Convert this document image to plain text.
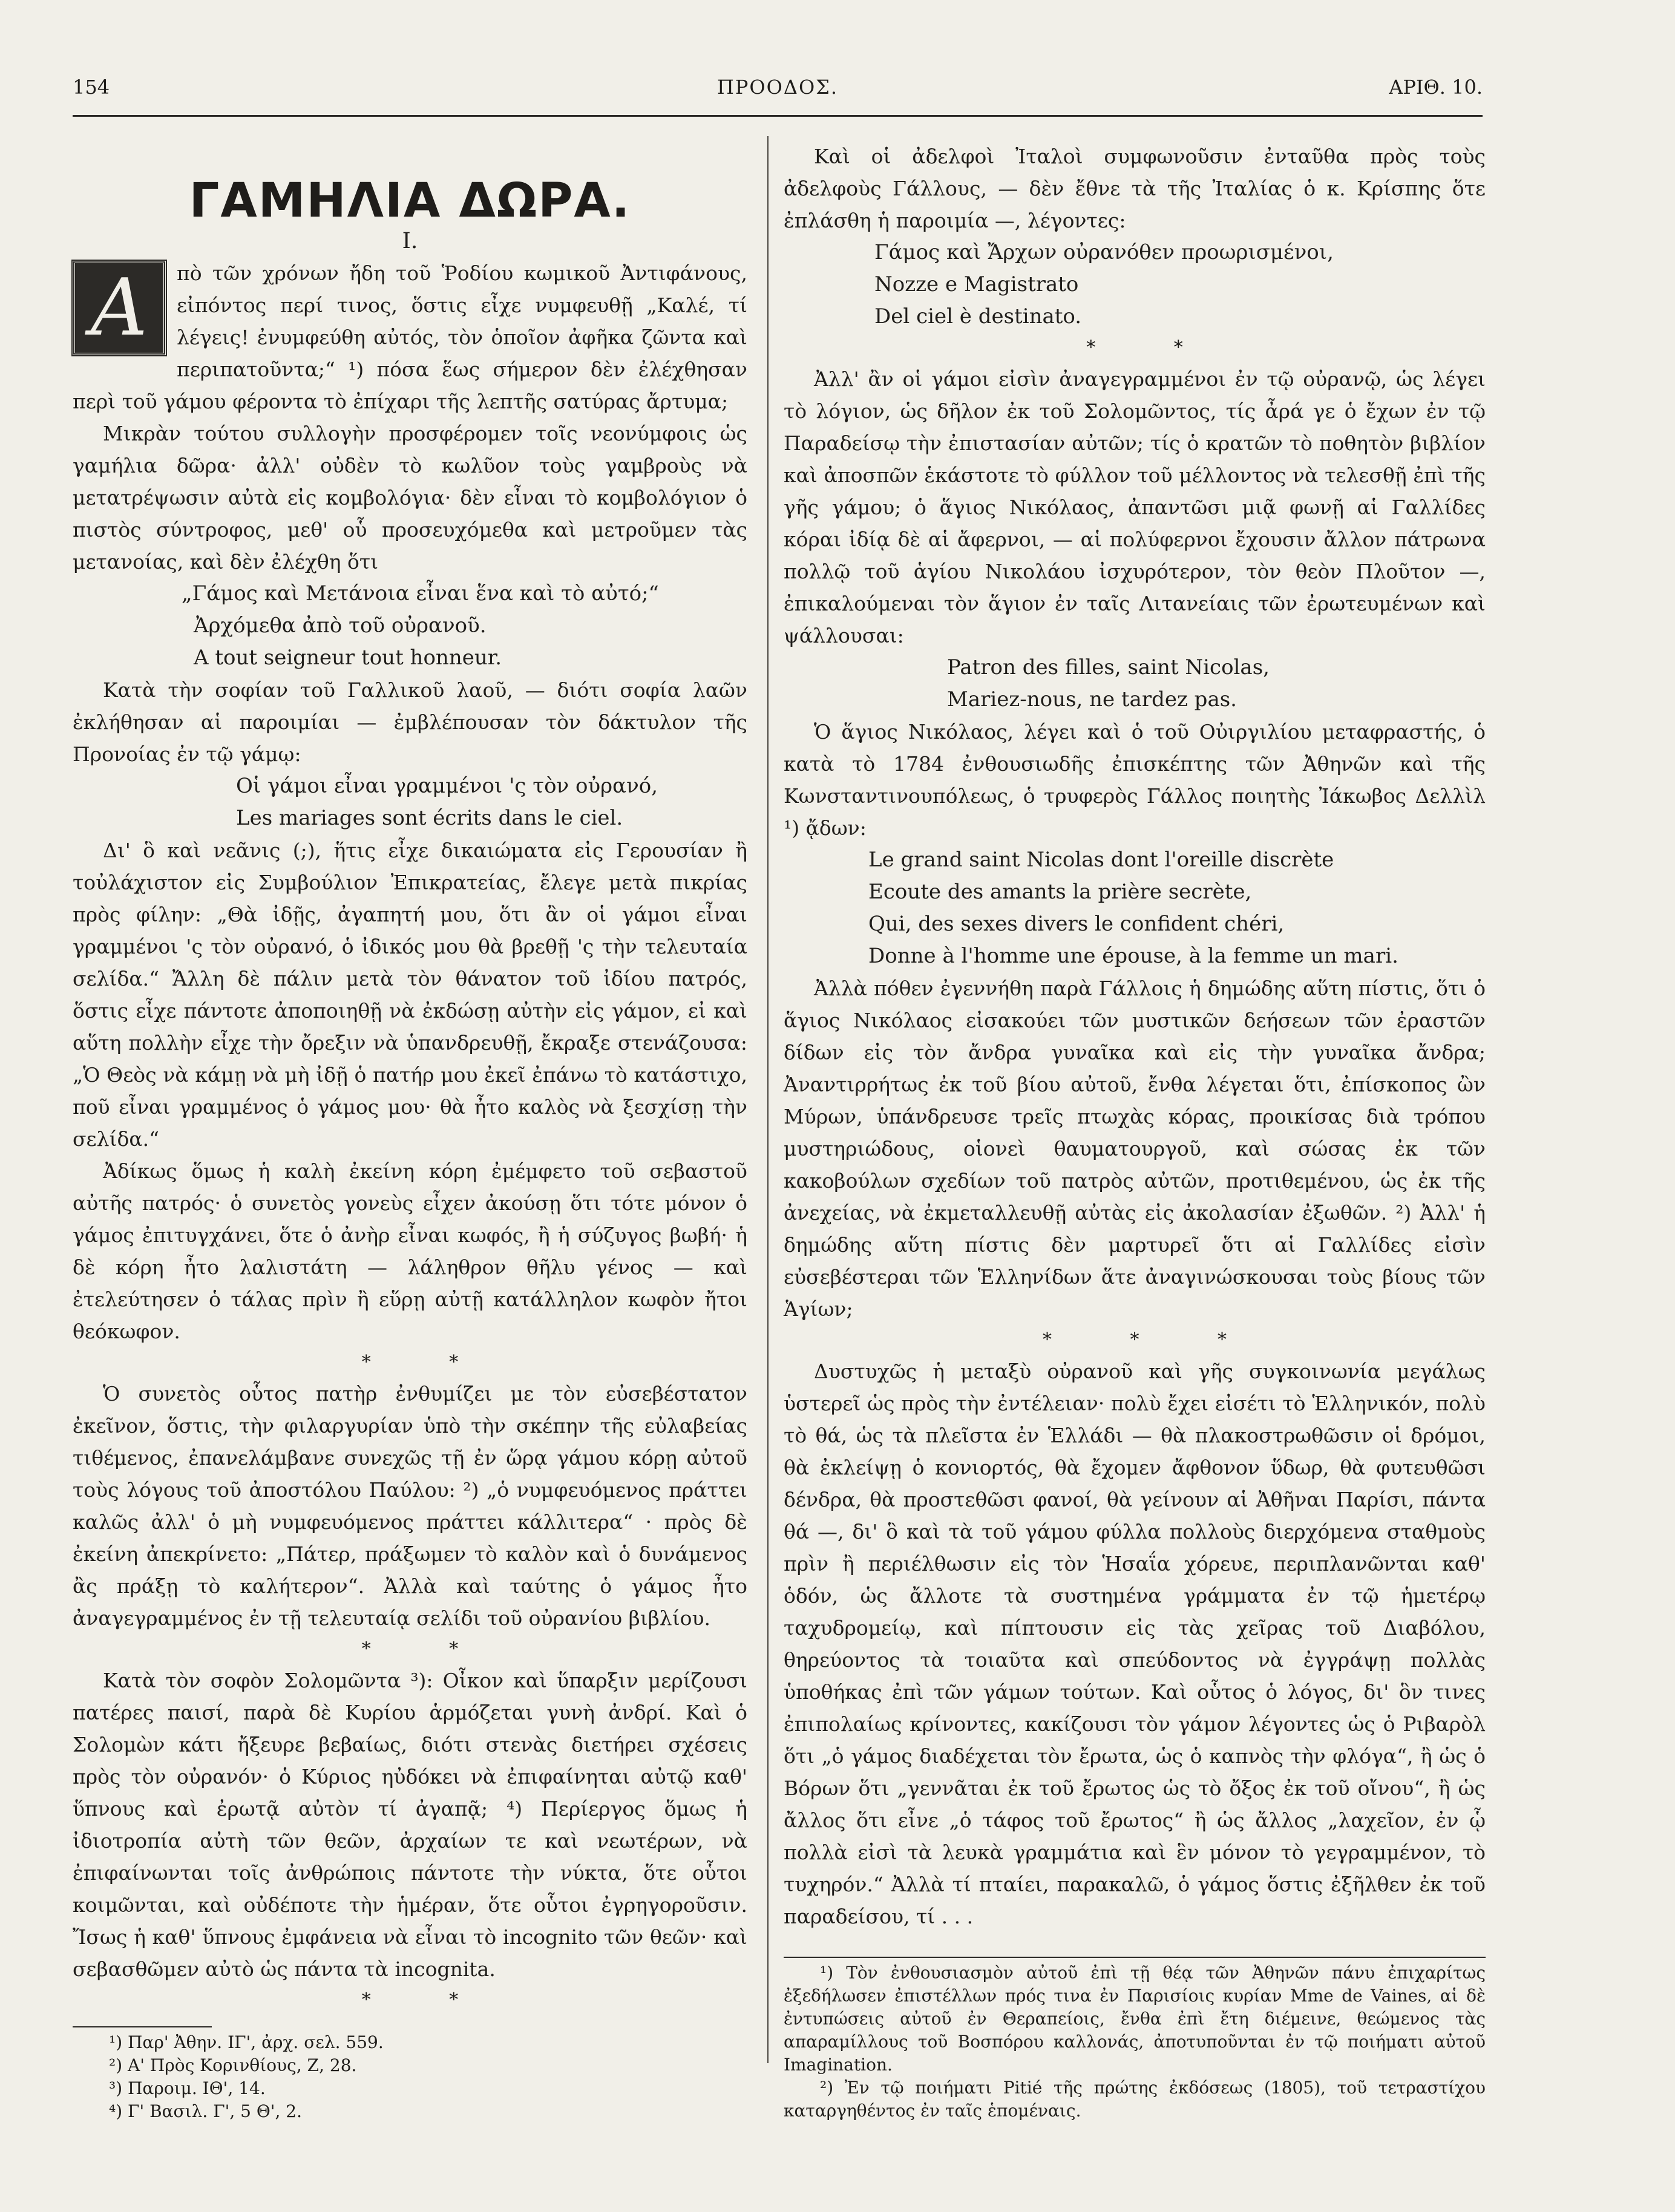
154	ΠΡΟΟΔΟΣ.	ΑΡΙΘ. 10.
ΓΑΜΗΛΙΑ ΔΩΡΑ.
I.

A	πὸ τῶν χρόνων ἤδη τοῦ Ῥοδίου κωμικοῦ Ἀντιφάνους, εἰπόντος περί τινος, ὅστις εἶχε νυμφευθῇ „Καλέ, τί λέγεις! ἐνυμφεύθη αὐτός, τὸν ὁποῖον ἀφῆκα ζῶντα καὶ περιπατοῦντα;“ ¹) πόσα ἕως σήμερον δὲν ἐλέχθησαν περὶ τοῦ γάμου φέροντα τὸ ἐπίχαρι τῆς λεπτῆς σατύρας ἄρτυμα;

Μικρὰν τούτου συλλογὴν προσφέρομεν τοῖς νεονύμφοις ὡς γαμήλια δῶρα· ἀλλ' οὐδὲν τὸ κωλῦον τοὺς γαμβροὺς νὰ μετατρέψωσιν αὐτὰ εἰς κομβολόγια· δὲν εἶναι τὸ κομβολόγιον ὁ πιστὸς σύντροφος, μεθ' οὗ προσευχόμεθα καὶ μετροῦμεν τὰς μετανοίας, καὶ δὲν ἐλέχθη ὅτι

„Γάμος καὶ Μετάνοια εἶναι ἕνα καὶ τὸ αὐτό;“

Ἀρχόμεθα ἀπὸ τοῦ οὐρανοῦ.

A tout seigneur tout honneur.

Κατὰ τὴν σοφίαν τοῦ Γαλλικοῦ λαοῦ, — διότι σοφία λαῶν ἐκλήθησαν αἱ παροιμίαι — ἐμβλέπουσαν τὸν δάκτυλον τῆς Προνοίας ἐν τῷ γάμῳ:

Οἱ γάμοι εἶναι γραμμένοι 'ς τὸν οὐρανό,

Les mariages sont écrits dans le ciel.

Δι' ὃ καὶ νεᾶνις (;), ἥτις εἶχε δικαιώματα εἰς Γερουσίαν ἢ τοὐλάχιστον εἰς Συμβούλιον Ἐπικρατείας, ἔλεγε μετὰ πικρίας πρὸς φίλην: „Θὰ ἰδῇς, ἀγαπητή μου, ὅτι ἂν οἱ γάμοι εἶναι γραμμένοι 'ς τὸν οὐρανό, ὁ ἰδικός μου θὰ βρεθῇ 'ς τὴν τελευταία σελίδα.“ Ἄλλη δὲ πάλιν μετὰ τὸν θάνατον τοῦ ἰδίου πατρός, ὅστις εἶχε πάντοτε ἀποποιηθῇ νὰ ἐκδώσῃ αὐτὴν εἰς γάμον, εἰ καὶ αὕτη πολλὴν εἶχε τὴν ὄρεξιν νὰ ὑπανδρευθῇ, ἔκραξε στενάζουσα: „Ὁ Θεὸς νὰ κάμῃ νὰ μὴ ἰδῇ ὁ πατήρ μου ἐκεῖ ἐπάνω τὸ κατάστιχο, ποῦ εἶναι γραμμένος ὁ γάμος μου· θὰ ἦτο καλὸς νὰ ξεσχίσῃ τὴν σελίδα.“

Ἀδίκως ὅμως ἡ καλὴ ἐκείνη κόρη ἐμέμφετο τοῦ σεβαστοῦ αὐτῆς πατρός· ὁ συνετὸς γονεὺς εἶχεν ἀκούσῃ ὅτι τότε μόνον ὁ γάμος ἐπιτυγχάνει, ὅτε ὁ ἀνὴρ εἶναι κωφός, ἢ ἡ σύζυγος βωβή· ἡ δὲ κόρη ἦτο λαλιστάτη — λάληθρον θῆλυ γένος — καὶ ἐτελεύτησεν ὁ τάλας πρὶν ἢ εὕρῃ αὐτῇ κατάλληλον κωφὸν ἤτοι θεόκωφον.

* *

Ὁ συνετὸς οὗτος πατὴρ ἐνθυμίζει με τὸν εὐσεβέστατον ἐκεῖνον, ὅστις, τὴν φιλαργυρίαν ὑπὸ τὴν σκέπην τῆς εὐλαβείας τιθέμενος, ἐπανελάμβανε συνεχῶς τῇ ἐν ὥρᾳ γάμου κόρῃ αὐτοῦ τοὺς λόγους τοῦ ἀποστόλου Παύλου: ²) „ὁ νυμφευόμενος πράττει καλῶς ἀλλ' ὁ μὴ νυμφευόμενος πράττει κάλλιτερα“ · πρὸς δὲ ἐκείνη ἀπεκρίνετο: „Πάτερ, πράξωμεν τὸ καλὸν καὶ ὁ δυνάμενος ἂς πράξῃ τὸ καλήτερον“. Ἀλλὰ καὶ ταύτης ὁ γάμος ἦτο ἀναγεγραμμένος ἐν τῇ τελευταίᾳ σελίδι τοῦ οὐρανίου βιβλίου.

* *

Κατὰ τὸν σοφὸν Σολομῶντα ³): Οἶκον καὶ ὕπαρξιν μερίζουσι πατέρες παισί, παρὰ δὲ Κυρίου ἁρμόζεται γυνὴ ἀνδρί. Καὶ ὁ Σολομὼν κάτι ἤξευρε βεβαίως, διότι στενὰς διετήρει σχέσεις πρὸς τὸν οὐρανόν· ὁ Κύριος ηὐδόκει νὰ ἐπιφαίνηται αὐτῷ καθ' ὕπνους καὶ ἐρωτᾷ αὐτὸν τί ἀγαπᾷ; ⁴) Περίεργος ὅμως ἡ ἰδιοτροπία αὐτὴ τῶν θεῶν, ἀρχαίων τε καὶ νεωτέρων, νὰ ἐπιφαίνωνται τοῖς ἀνθρώποις πάντοτε τὴν νύκτα, ὅτε οὗτοι κοιμῶνται, καὶ οὐδέποτε τὴν ἡμέραν, ὅτε οὗτοι ἐγρηγοροῦσιν. Ἴσως ἡ καθ' ὕπνους ἐμφάνεια νὰ εἶναι τὸ incognito τῶν θεῶν· καὶ σεβασθῶμεν αὐτὸ ὡς πάντα τὰ incognita.

* *

¹) Παρ' Ἀθην. ΙΓ', ἀρχ. σελ. 559.

²) Α' Πρὸς Κορινθίους, Ζ, 28.

³) Παροιμ. ΙΘ', 14.

⁴) Γ' Βασιλ. Γ', 5 Θ', 2.

Καὶ οἱ ἀδελφοὶ Ἰταλοὶ συμφωνοῦσιν ἐνταῦθα πρὸς τοὺς ἀδελφοὺς Γάλλους, — δὲν ἔθνε τὰ τῆς Ἰταλίας ὁ κ. Κρίσπης ὅτε ἐπλάσθη ἡ παροιμία —, λέγοντες:

Γάμος καὶ Ἄρχων οὐρανόθεν προωρισμένοι,

Nozze e Magistrato

Del ciel è destinato.

* *

Ἀλλ' ἂν οἱ γάμοι εἰσὶν ἀναγεγραμμένοι ἐν τῷ οὐρανῷ, ὡς λέγει τὸ λόγιον, ὡς δῆλον ἐκ τοῦ Σολομῶντος, τίς ἆρά γε ὁ ἔχων ἐν τῷ Παραδείσῳ τὴν ἐπιστασίαν αὐτῶν; τίς ὁ κρατῶν τὸ ποθητὸν βιβλίον καὶ ἀποσπῶν ἑκάστοτε τὸ φύλλον τοῦ μέλλοντος νὰ τελεσθῇ ἐπὶ τῆς γῆς γάμου; ὁ ἅγιος Νικόλαος, ἀπαντῶσι μιᾷ φωνῇ αἱ Γαλλίδες κόραι ἰδίᾳ δὲ αἱ ἄφερνοι, — αἱ πολύφερνοι ἔχουσιν ἄλλον πάτρωνα πολλῷ τοῦ ἁγίου Νικολάου ἰσχυρότερον, τὸν θεὸν Πλοῦτον —, ἐπικαλούμεναι τὸν ἅγιον ἐν ταῖς Λιτανείαις τῶν ἐρωτευμένων καὶ ψάλλουσαι:

Patron des filles, saint Nicolas,

Mariez-nous, ne tardez pas.

Ὁ ἅγιος Νικόλαος, λέγει καὶ ὁ τοῦ Οὐιργιλίου μεταφραστής, ὁ κατὰ τὸ 1784 ἐνθουσιωδῆς ἐπισκέπτης τῶν Ἀθηνῶν καὶ τῆς Κωνσταντινουπόλεως, ὁ τρυφερὸς Γάλλος ποιητὴς Ἰάκωβος Δελλὶλ ¹) ᾄδων:

Le grand saint Nicolas dont l'oreille discrète

Ecoute des amants la prière secrète,

Qui, des sexes divers le confident chéri,

Donne à l'homme une épouse, à la femme un mari.

Ἀλλὰ πόθεν ἐγεννήθη παρὰ Γάλλοις ἡ δημώδης αὕτη πίστις, ὅτι ὁ ἅγιος Νικόλαος εἰσακούει τῶν μυστικῶν δεήσεων τῶν ἐραστῶν δίδων εἰς τὸν ἄνδρα γυναῖκα καὶ εἰς τὴν γυναῖκα ἄνδρα; Ἀναντιρρήτως ἐκ τοῦ βίου αὐτοῦ, ἔνθα λέγεται ὅτι, ἐπίσκοπος ὢν Μύρων, ὑπάνδρευσε τρεῖς πτωχὰς κόρας, προικίσας διὰ τρόπου μυστηριώδους, οἱονεὶ θαυματουργοῦ, καὶ σώσας ἐκ τῶν κακοβούλων σχεδίων τοῦ πατρὸς αὐτῶν, προτιθεμένου, ὡς ἐκ τῆς ἀνεχείας, νὰ ἐκμεταλλευθῇ αὐτὰς εἰς ἀκολασίαν ἐξωθῶν. ²) Ἀλλ' ἡ δημώδης αὕτη πίστις δὲν μαρτυρεῖ ὅτι αἱ Γαλλίδες εἰσὶν εὐσεβέστεραι τῶν Ἑλληνίδων ἅτε ἀναγινώσκουσαι τοὺς βίους τῶν Ἁγίων;

* * *

Δυστυχῶς ἡ μεταξὺ οὐρανοῦ καὶ γῆς συγκοινωνία μεγάλως ὑστερεῖ ὡς πρὸς τὴν ἐντέλειαν· πολὺ ἔχει εἰσέτι τὸ Ἑλληνικόν, πολὺ τὸ θά, ὡς τὰ πλεῖστα ἐν Ἑλλάδι — θὰ πλακοστρωθῶσιν οἱ δρόμοι, θὰ ἐκλείψῃ ὁ κονιορτός, θὰ ἔχομεν ἄφθονον ὕδωρ, θὰ φυτευθῶσι δένδρα, θὰ προστεθῶσι φανοί, θὰ γείνουν αἱ Ἀθῆναι Παρίσι, πάντα θά —, δι' ὃ καὶ τὰ τοῦ γάμου φύλλα πολλοὺς διερχόμενα σταθμοὺς πρὶν ἢ περιέλθωσιν εἰς τὸν Ἡσαΐα χόρευε, περιπλανῶνται καθ' ὁδόν, ὡς ἄλλοτε τὰ συστημένα γράμματα ἐν τῷ ἡμετέρῳ ταχυδρομείῳ, καὶ πίπτουσιν εἰς τὰς χεῖρας τοῦ Διαβόλου, θηρεύοντος τὰ τοιαῦτα καὶ σπεύδοντος νὰ ἐγγράψῃ πολλὰς ὑποθήκας ἐπὶ τῶν γάμων τούτων. Καὶ οὗτος ὁ λόγος, δι' ὃν τινες ἐπιπολαίως κρίνοντες, κακίζουσι τὸν γάμον λέγοντες ὡς ὁ Ριβαρὸλ ὅτι „ὁ γάμος διαδέχεται τὸν ἔρωτα, ὡς ὁ καπνὸς τὴν φλόγα“, ἢ ὡς ὁ Βόρων ὅτι „γεννᾶται ἐκ τοῦ ἔρωτος ὡς τὸ ὄξος ἐκ τοῦ οἴνου“, ἢ ὡς ἄλλος ὅτι εἶνε „ὁ τάφος τοῦ ἔρωτος“ ἢ ὡς ἄλλος „λαχεῖον, ἐν ᾧ πολλὰ εἰσὶ τὰ λευκὰ γραμμάτια καὶ ἓν μόνον τὸ γεγραμμένον, τὸ τυχηρόν.“ Ἀλλὰ τί πταίει, παρακαλῶ, ὁ γάμος ὅστις ἐξῆλθεν ἐκ τοῦ παραδείσου, τί . . .

¹) Τὸν ἐνθουσιασμὸν αὐτοῦ ἐπὶ τῇ θέᾳ τῶν Ἀθηνῶν πάνυ ἐπιχαρίτως ἐξεδήλωσεν ἐπιστέλλων πρός τινα ἐν Παρισίοις κυρίαν Mme de Vaines, αἱ δὲ ἐντυπώσεις αὐτοῦ ἐν Θεραπείοις, ἔνθα ἐπὶ ἔτη διέμεινε, θεώμενος τὰς απαραμίλλους τοῦ Βοσπόρου καλλονάς, ἀποτυποῦνται ἐν τῷ ποιήματι αὐτοῦ Imagination.

²) Ἐν τῷ ποιήματι Pitié τῆς πρώτης ἐκδόσεως (1805), τοῦ τετραστίχου καταργηθέντος ἐν ταῖς ἑπομέναις.
